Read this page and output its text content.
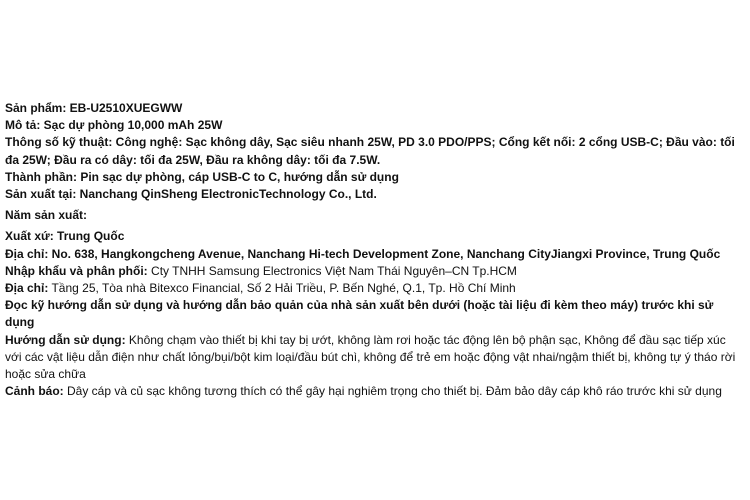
Sản phẩm: EB-U2510XUEGWW

Mô tả: Sạc dự phòng 10,000 mAh 25W

Thông số kỹ thuật: Công nghệ: Sạc không dây, Sạc siêu nhanh 25W, PD 3.0 PDO/PPS; Cổng kết nối: 2 cổng USB-C; Đầu vào: tối đa 25W; Đầu ra có dây: tối đa 25W, Đầu ra không dây: tối đa 7.5W.

Thành phần: Pin sạc dự phòng, cáp USB-C to C, hướng dẫn sử dụng

Sản xuất tại: Nanchang QinSheng ElectronicTechnology Co., Ltd.

Năm sản xuất:

Xuất xứ: Trung Quốc

Địa chỉ: No. 638, Hangkongcheng Avenue, Nanchang Hi-tech Development Zone, Nanchang CityJiangxi Province, Trung Quốc

Nhập khẩu và phân phối: Cty TNHH Samsung Electronics Việt Nam Thái Nguyên–CN Tp.HCM

Địa chỉ: Tầng 25, Tòa nhà Bitexco Financial, Số 2 Hải Triều, P. Bến Nghé, Q.1, Tp. Hồ Chí Minh

Đọc kỹ hướng dẫn sử dụng và hướng dẫn bảo quản của nhà sản xuất bên dưới (hoặc tài liệu đi kèm theo máy) trước khi sử dụng

Hướng dẫn sử dụng: Không chạm vào thiết bị khi tay bị ướt, không làm rơi hoặc tác động lên bộ phận sạc, Không để đầu sạc tiếp xúc với các vật liệu dẫn điện như chất lỏng/bụi/bột kim loại/đầu bút chì, không để trẻ em hoặc động vật nhai/ngậm thiết bị, không tự ý tháo rời hoặc sửa chữa

Cảnh báo: Dây cáp và củ sạc không tương thích có thể gây hại nghiêm trọng cho thiết bị. Đảm bảo dây cáp khô ráo trước khi sử dụng
